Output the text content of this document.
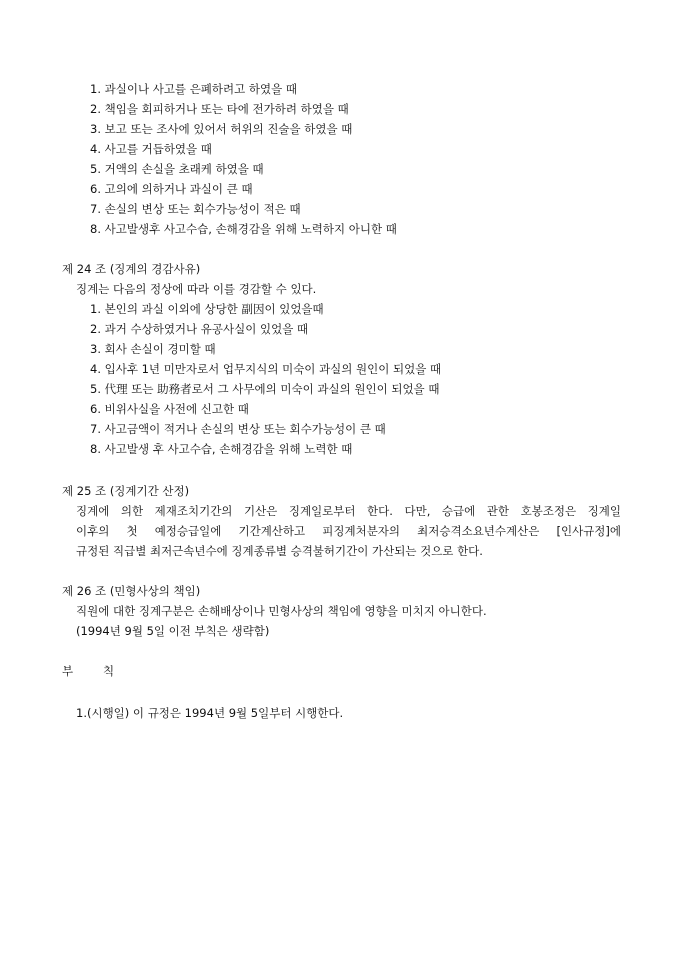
1. 과실이나 사고를 은폐하려고 하였을 때
2. 책임을 회피하거나 또는 타에 전가하려 하였을 때
3. 보고 또는 조사에 있어서 허위의 진술을 하였을 때
4. 사고를 거듭하였을 때
5. 거액의 손실을 초래케 하였을 때
6. 고의에 의하거나 과실이 큰 때
7. 손실의 변상 또는 회수가능성이 적은 때
8. 사고발생후 사고수습, 손해경감을 위해 노력하지 아니한 때
제 24 조 (징계의 경감사유)
징계는 다음의 정상에 따라 이를 경감할 수 있다.
1. 본인의 과실 이외에 상당한 副因이 있었을때
2. 과거 수상하였거나 유공사실이 있었을 때
3. 회사 손실이 경미할 때
4. 입사후 1년 미만자로서 업무지식의 미숙이 과실의 원인이 되었을 때
5. 代理 또는 助務者로서 그 사무에의 미숙이 과실의 원인이 되었을 때
6. 비위사실을 사전에 신고한 때
7. 사고금액이 적거나 손실의 변상 또는 회수가능성이 큰 때
8. 사고발생 후 사고수습, 손해경감을 위해 노력한 때
제 25 조 (징계기간 산정)
징계에 의한 제재조치기간의 기산은 징계일로부터 한다. 다만, 승급에 관한 호봉조정은 징계일
이후의 첫 예정승급일에 기간계산하고 피징계처분자의 최저승격소요년수계산은 [인사규정]에
규정된 직급별 최저근속년수에 징계종류별 승격불허기간이 가산되는 것으로 한다.
제 26 조 (민형사상의 책임)
직원에 대한 징계구분은 손해배상이나 민형사상의 책임에 영향을 미치지 아니한다.
(1994년 9월 5일 이전 부칙은 생략함)
부	칙
1.(시행일) 이 규정은 1994년 9월 5일부터 시행한다.
